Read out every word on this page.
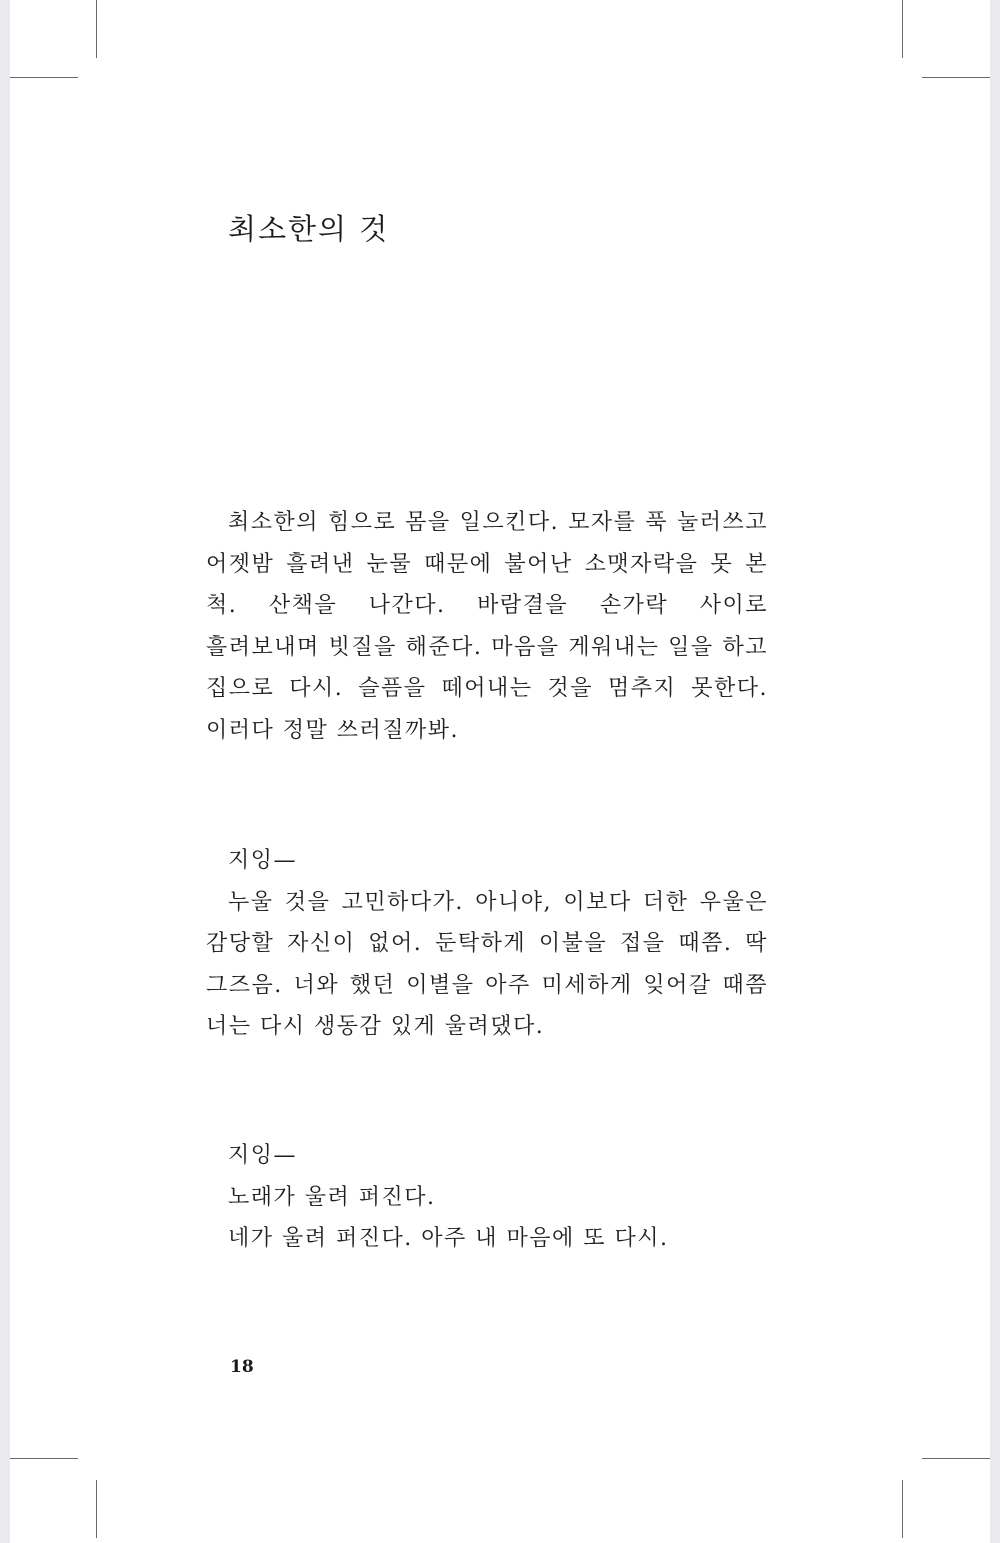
최소한의 것

최소한의 힘으로 몸을 일으킨다. 모자를 푹 눌러쓰고 어젯밤 흘려낸 눈물 때문에 불어난 소맷자락을 못 본 척. 산책을 나간다. 바람결을 손가락 사이로 흘려보내며 빗질을 해준다. 마음을 게워내는 일을 하고 집으로 다시. 슬픔을 떼어내는 것을 멈추지 못한다. 이러다 정말 쓰러질까봐.

지잉—

누울 것을 고민하다가. 아니야, 이보다 더한 우울은 감당할 자신이 없어. 둔탁하게 이불을 접을 때쯤. 딱 그즈음. 너와 했던 이별을 아주 미세하게 잊어갈 때쯤 너는 다시 생동감 있게 울려댔다.

지잉—

노래가 울려 퍼진다.

네가 울려 퍼진다. 아주 내 마음에 또 다시.

18
